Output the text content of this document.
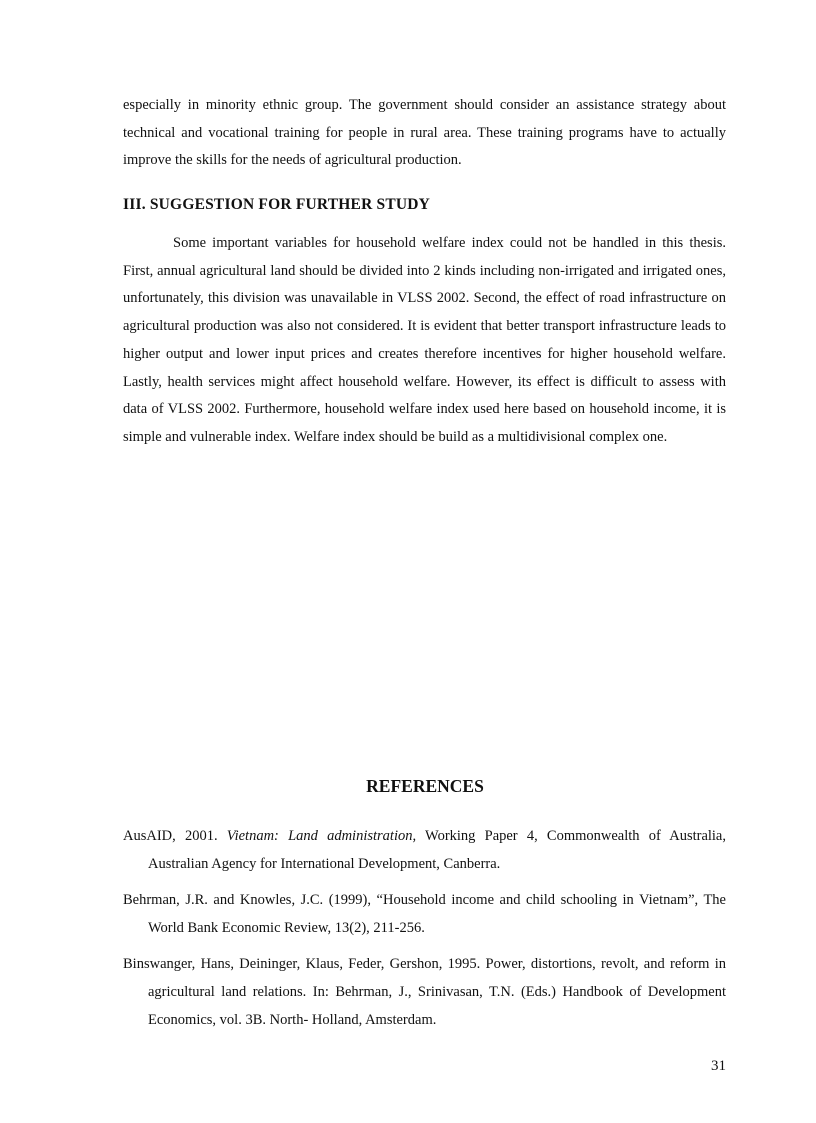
especially in minority ethnic group. The government should consider an assistance strategy about technical and vocational training for people in rural area. These training programs have to actually improve the skills for the needs of agricultural production.

III. SUGGESTION FOR FURTHER STUDY

Some important variables for household welfare index could not be handled in this thesis. First, annual agricultural land should be divided into 2 kinds including non-irrigated and irrigated ones, unfortunately, this division was unavailable in VLSS 2002. Second, the effect of road infrastructure on agricultural production was also not considered. It is evident that better transport infrastructure leads to higher output and lower input prices and creates therefore incentives for higher household welfare. Lastly, health services might affect household welfare. However, its effect is difficult to assess with data of VLSS 2002. Furthermore, household welfare index used here based on household income, it is simple and vulnerable index. Welfare index should be build as a multidivisional complex one.

REFERENCES
AusAID, 2001. Vietnam: Land administration, Working Paper 4, Commonwealth of Australia, Australian Agency for International Development, Canberra.
Behrman, J.R. and Knowles, J.C. (1999), “Household income and child schooling in Vietnam”, The World Bank Economic Review, 13(2), 211-256.
Binswanger, Hans, Deininger, Klaus, Feder, Gershon, 1995. Power, distortions, revolt, and reform in agricultural land relations. In: Behrman, J., Srinivasan, T.N. (Eds.) Handbook of Development Economics, vol. 3B. North- Holland, Amsterdam.

31
